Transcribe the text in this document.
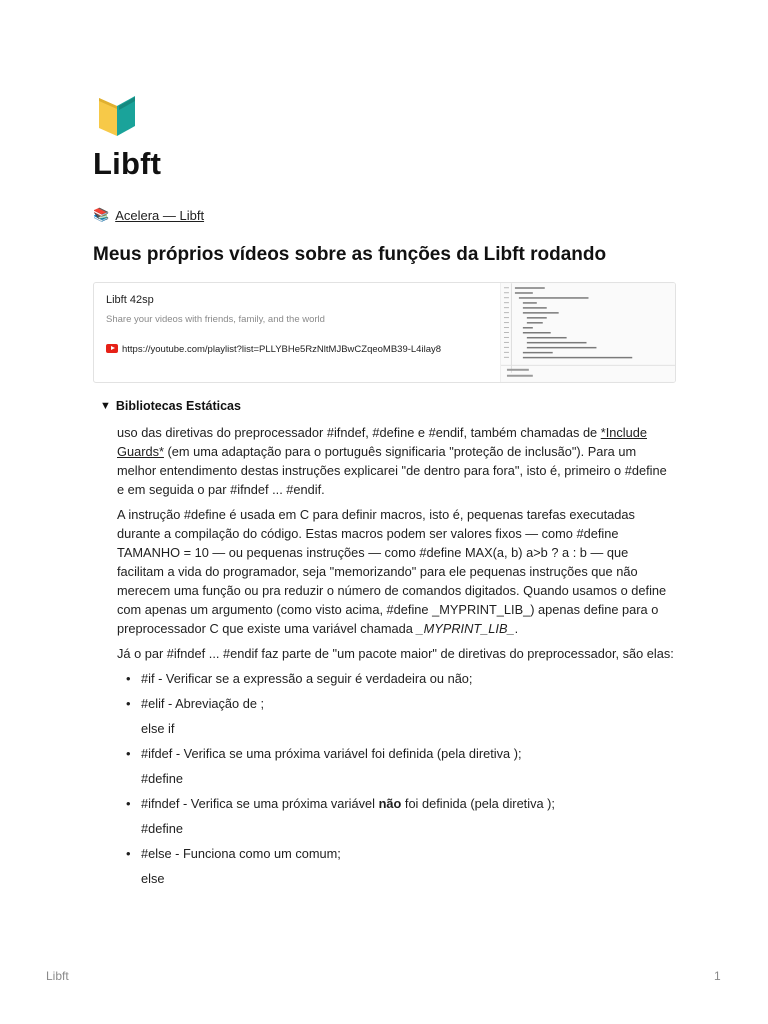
Libft
📚 Acelera — Libft
Meus próprios vídeos sobre as funções da Libft rodando
Libft 42sp
Share your videos with friends, family, and the world
https://youtube.com/playlist?list=PLLYBHe5RzNltMJBwCZqeoMB39-L4ilay8
▼ Bibliotecas Estáticas

uso das diretivas do preprocessador #ifndef, #define e #endif, também chamadas de *Include Guards* (em uma adaptação para o português significaria "proteção de inclusão"). Para um melhor entendimento destas instruções explicarei "de dentro para fora", isto é, primeiro o #define e em seguida o par #ifndef ... #endif.

A instrução #define é usada em C para definir macros, isto é, pequenas tarefas executadas durante a compilação do código. Estas macros podem ser valores fixos — como #define TAMANHO = 10 — ou pequenas instruções — como #define MAX(a, b) a>b ? a : b — que facilitam a vida do programador, seja "memorizando" para ele pequenas instruções que não merecem uma função ou pra reduzir o número de comandos digitados. Quando usamos o define com apenas um argumento (como visto acima, #define _MYPRINT_LIB_) apenas define para o preprocessador C que existe uma variável chamada _MYPRINT_LIB_.

Já o par #ifndef ... #endif faz parte de "um pacote maior" de diretivas do preprocessador, são elas:

• #if - Verificar se a expressão a seguir é verdadeira ou não;
• #elif - Abreviação de ;
else if
• #ifdef - Verifica se uma próxima variável foi definida (pela diretiva );
#define
• #ifndef - Verifica se uma próxima variável não foi definida (pela diretiva );
#define
• #else - Funciona como um comum;
else
Libft	1
